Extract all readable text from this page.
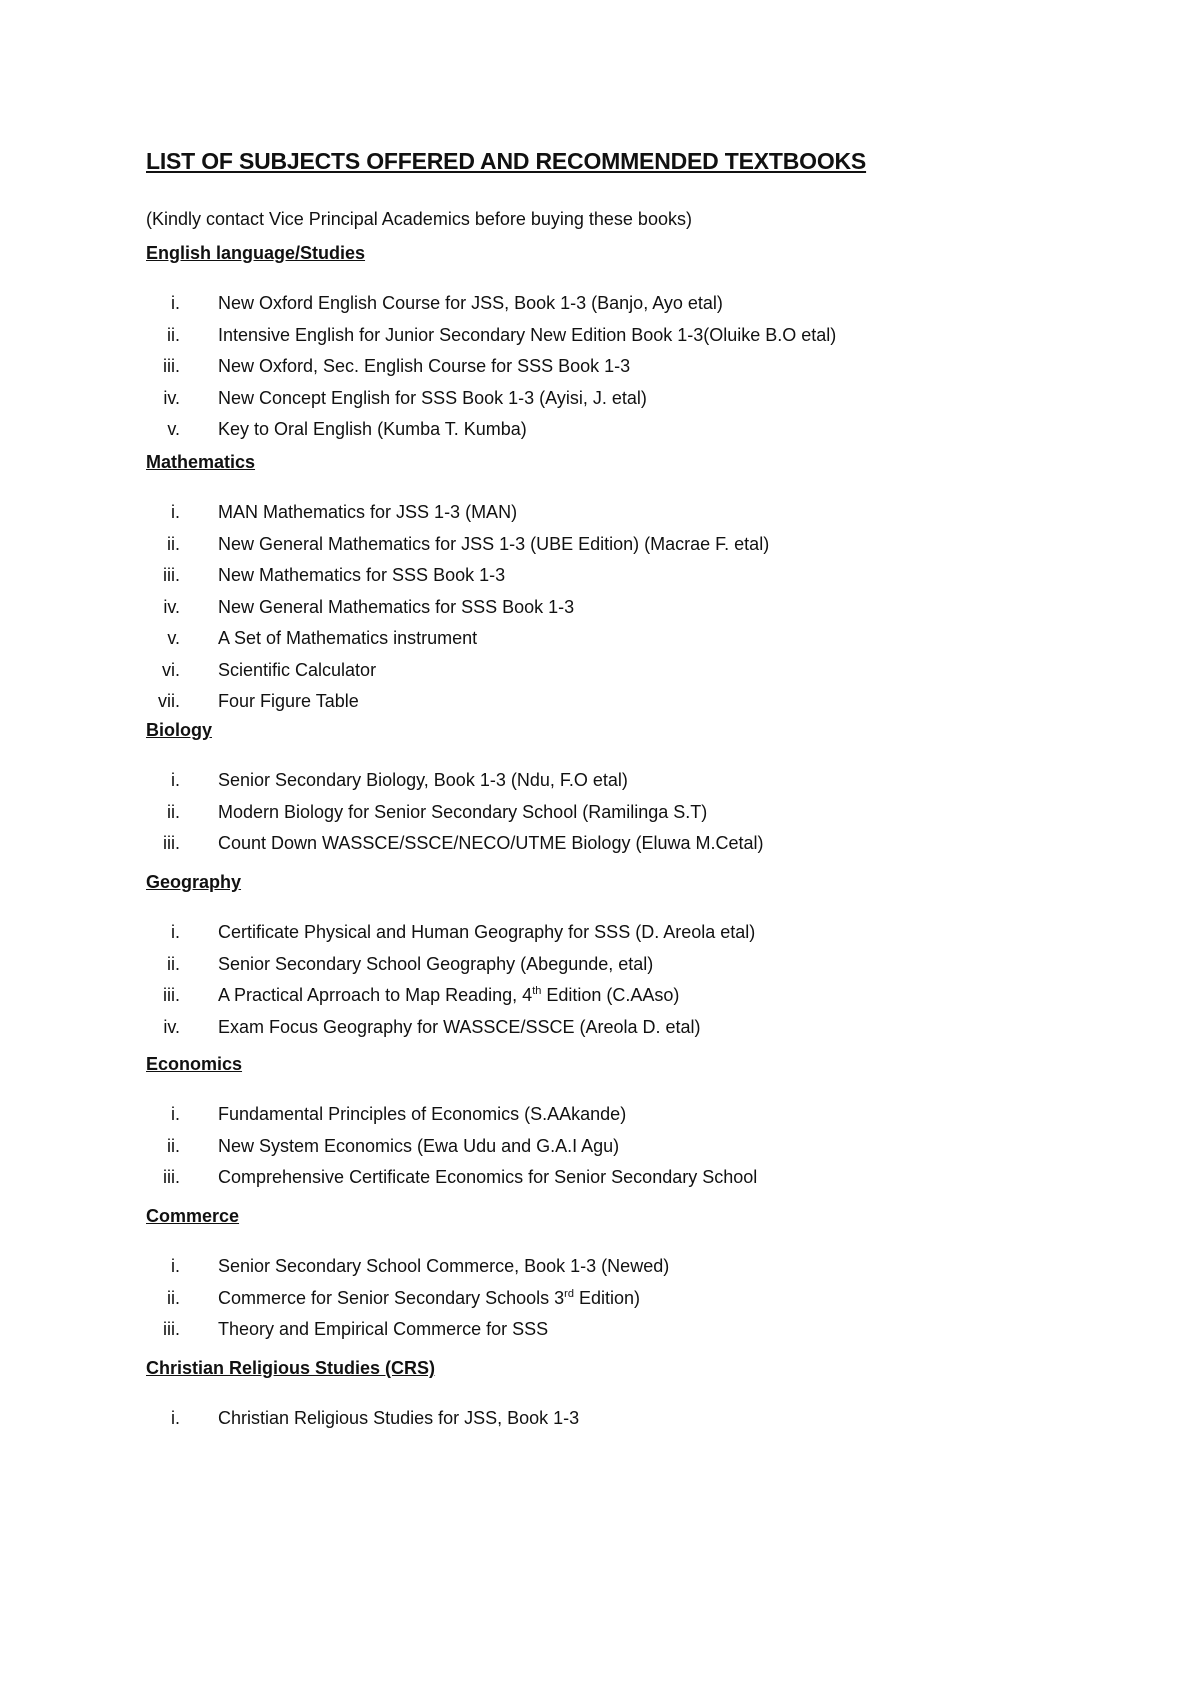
LIST OF SUBJECTS OFFERED AND RECOMMENDED TEXTBOOKS
(Kindly contact Vice Principal Academics before buying these books)
English language/Studies
i. New Oxford English Course for JSS, Book 1-3 (Banjo, Ayo etal)
ii. Intensive English for Junior Secondary New Edition Book 1-3(Oluike B.O etal)
iii. New Oxford, Sec. English Course for SSS Book 1-3
iv. New Concept English for SSS Book 1-3 (Ayisi, J. etal)
v. Key to Oral English (Kumba T. Kumba)
Mathematics
i. MAN Mathematics for JSS 1-3 (MAN)
ii. New General Mathematics for JSS 1-3 (UBE Edition) (Macrae F. etal)
iii. New Mathematics for SSS Book 1-3
iv. New General Mathematics for SSS Book 1-3
v. A Set of Mathematics instrument
vi. Scientific Calculator
vii. Four Figure Table
Biology
i. Senior Secondary Biology, Book 1-3 (Ndu, F.O etal)
ii. Modern Biology for Senior Secondary School (Ramilinga S.T)
iii. Count Down WASSCE/SSCE/NECO/UTME Biology (Eluwa M.Cetal)
Geography
i. Certificate Physical and Human Geography for SSS (D. Areola etal)
ii. Senior Secondary School Geography (Abegunde, etal)
iii. A Practical Aprroach to Map Reading, 4th Edition (C.AAso)
iv. Exam Focus Geography for WASSCE/SSCE (Areola D. etal)
Economics
i. Fundamental Principles of Economics (S.AAkande)
ii. New System Economics (Ewa Udu and G.A.I Agu)
iii. Comprehensive Certificate Economics for Senior Secondary School
Commerce
i. Senior Secondary School Commerce, Book 1-3 (Newed)
ii. Commerce for Senior Secondary Schools 3rd Edition)
iii. Theory and Empirical Commerce for SSS
Christian Religious Studies (CRS)
i. Christian Religious Studies for JSS, Book 1-3
